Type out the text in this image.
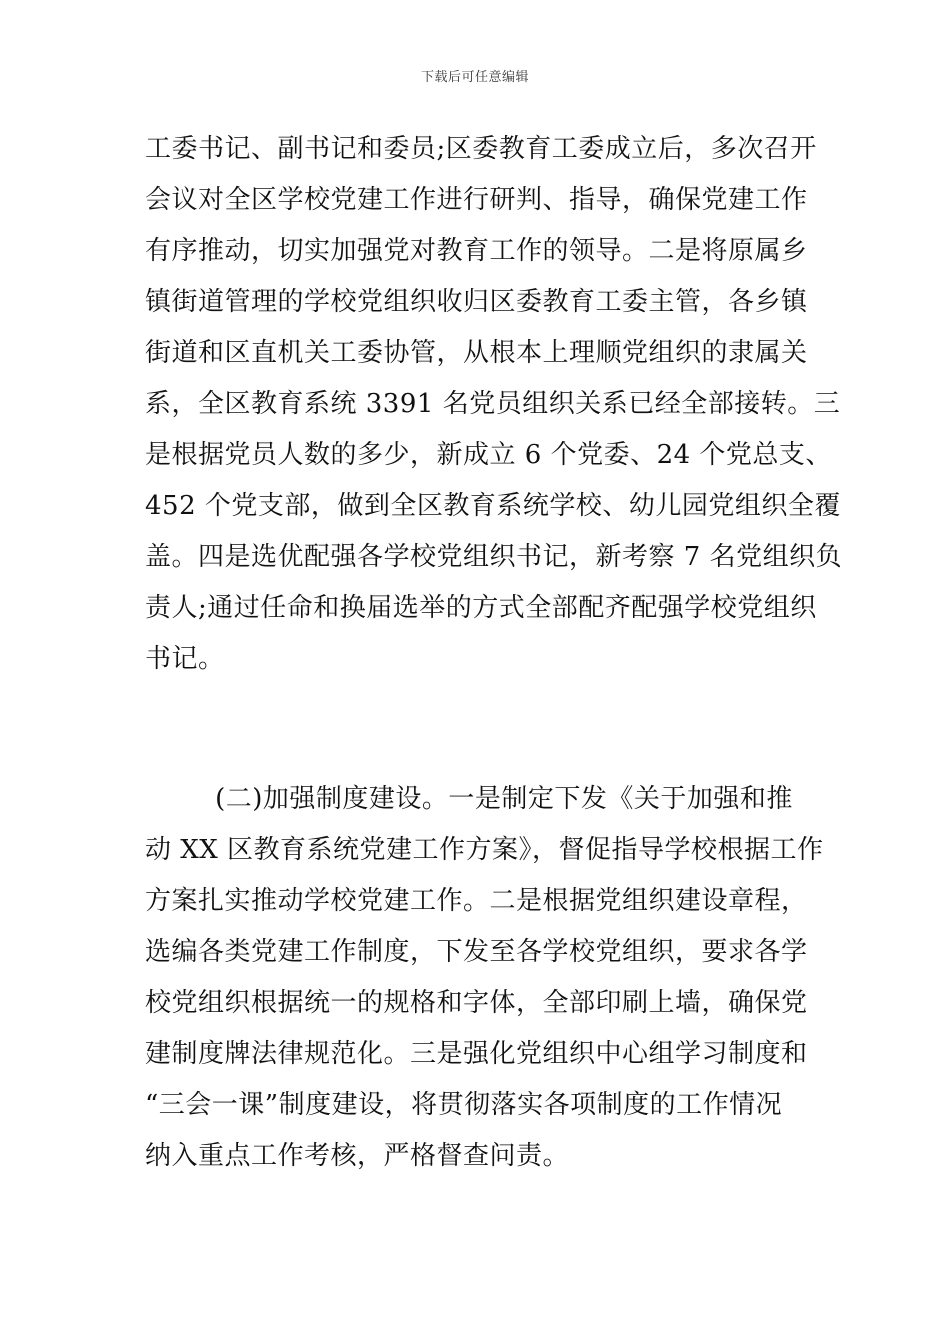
下载后可任意编辑
工委书记、副书记和委员;区委教育工委成立后，多次召开
会议对全区学校党建工作进行研判、指导，确保党建工作
有序推动，切实加强党对教育工作的领导。二是将原属乡
镇街道管理的学校党组织收归区委教育工委主管，各乡镇
街道和区直机关工委协管，从根本上理顺党组织的隶属关
系，全区教育系统 3391 名党员组织关系已经全部接转。三
是根据党员人数的多少，新成立 6 个党委、24 个党总支、
452 个党支部，做到全区教育系统学校、幼儿园党组织全覆
盖。四是选优配强各学校党组织书记，新考察 7 名党组织负
责人;通过任命和换届选举的方式全部配齐配强学校党组织
书记。
(二)加强制度建设。一是制定下发《关于加强和推
动 XX 区教育系统党建工作方案》，督促指导学校根据工作
方案扎实推动学校党建工作。二是根据党组织建设章程，
选编各类党建工作制度，下发至各学校党组织，要求各学
校党组织根据统一的规格和字体，全部印刷上墙，确保党
建制度牌法律规范化。三是强化党组织中心组学习制度和
“三会一课”制度建设，将贯彻落实各项制度的工作情况
纳入重点工作考核，严格督查问责。
